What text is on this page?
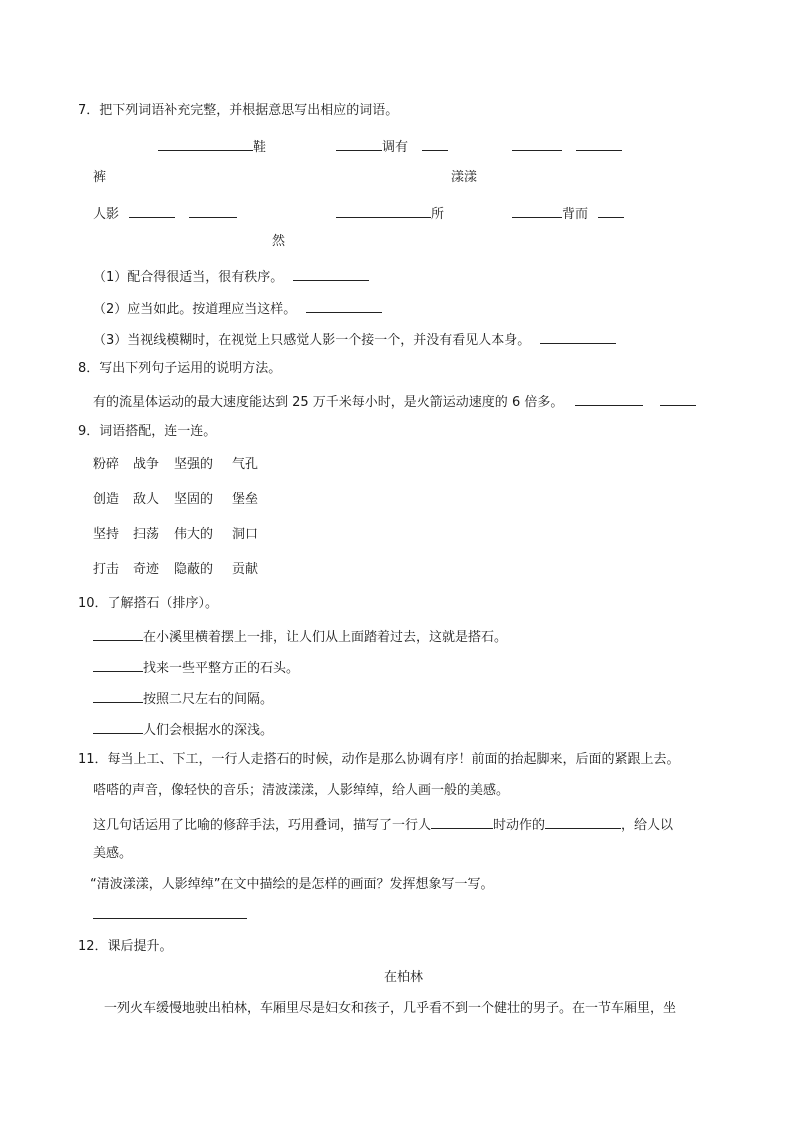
7．把下列词语补充完整，并根据意思写出相应的词语。
鞋	调有

裤	漾漾
人影	所	背而
然
（1）配合得很适当，很有秩序。
（2）应当如此。按道理应当这样。
（3）当视线模糊时，在视觉上只感觉人影一个接一个，并没有看见人本身。
8．写出下列句子运用的说明方法。
有的流星体运动的最大速度能达到 25 万千米每小时，是火箭运动速度的 6 倍多。
9．词语搭配，连一连。
粉碎 战争 坚强的 气孔
创造 敌人 坚固的 堡垒
坚持 扫荡 伟大的 洞口
打击 奇迹 隐蔽的 贡献
10．了解搭石（排序）。
在小溪里横着摆上一排，让人们从上面踏着过去，这就是搭石。
找来一些平整方正的石头。
按照二尺左右的间隔。
人们会根据水的深浅。
11．每当上工、下工，一行人走搭石的时候，动作是那么协调有序！前面的抬起脚来，后面的紧跟上去。
嗒嗒的声音，像轻快的音乐；清波漾漾，人影绰绰，给人画一般的美感。
这几句话运用了比喻的修辞手法，巧用叠词，描写了一行人	时动作的	，给人以
美感。
“清波漾漾，人影绰绰”在文中描绘的是怎样的画面？发挥想象写一写。
12．课后提升。
在柏林
一列火车缓慢地驶出柏林，车厢里尽是妇女和孩子，几乎看不到一个健壮的男子。在一节车厢里，坐
